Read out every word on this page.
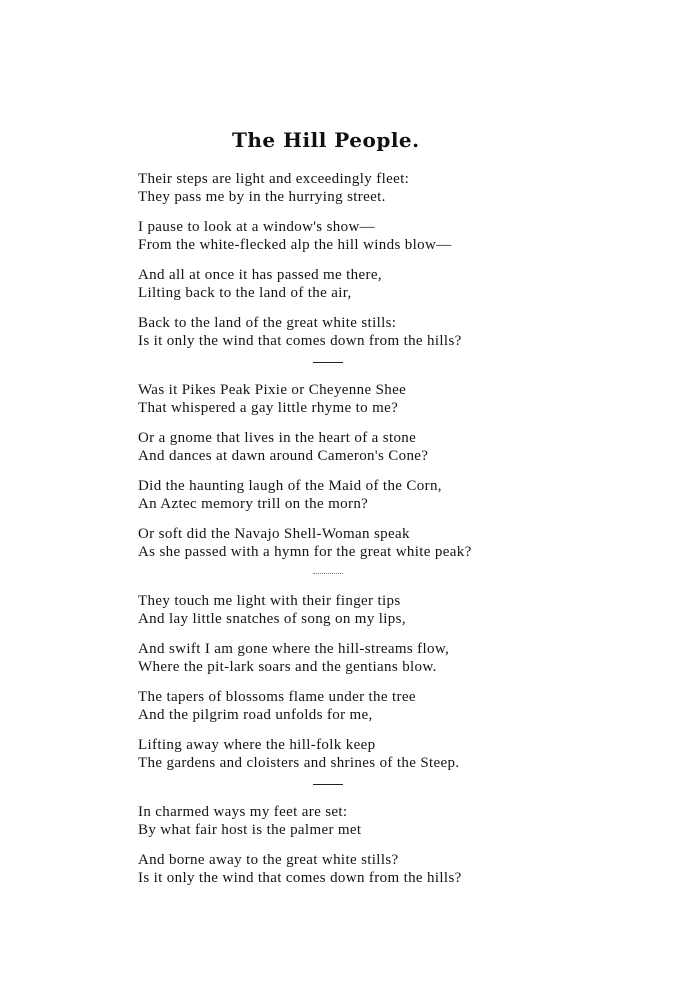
The Hill People.
Their steps are light and exceedingly fleet:
They pass me by in the hurrying street.
I pause to look at a window's show—
From the white-flecked alp the hill winds blow—
And all at once it has passed me there,
Lilting back to the land of the air,
Back to the land of the great white stills:
Is it only the wind that comes down from the hills?
Was it Pikes Peak Pixie or Cheyenne Shee
That whispered a gay little rhyme to me?
Or a gnome that lives in the heart of a stone
And dances at dawn around Cameron's Cone?
Did the haunting laugh of the Maid of the Corn,
An Aztec memory trill on the morn?
Or soft did the Navajo Shell-Woman speak
As she passed with a hymn for the great white peak?
They touch me light with their finger tips
And lay little snatches of song on my lips,
And swift I am gone where the hill-streams flow,
Where the pit-lark soars and the gentians blow.
The tapers of blossoms flame under the tree
And the pilgrim road unfolds for me,
Lifting away where the hill-folk keep
The gardens and cloisters and shrines of the Steep.
In charmed ways my feet are set:
By what fair host is the palmer met
And borne away to the great white stills?
Is it only the wind that comes down from the hills?
